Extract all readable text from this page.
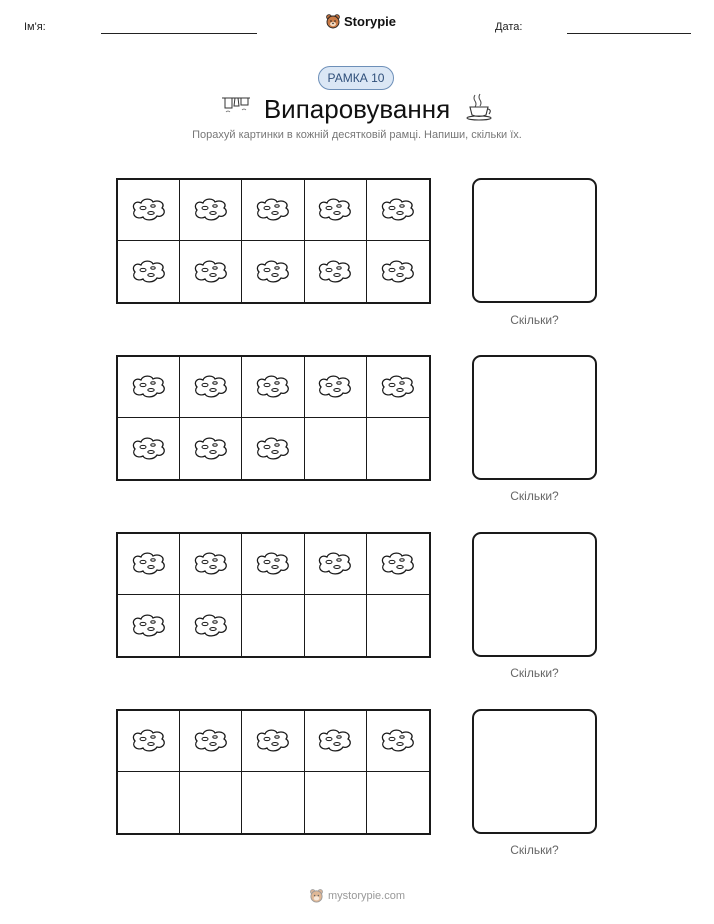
Ім'я:	Storypie	Дата:
РАМКА 10
Випаровування
Порахуй картинки в кожній десятковій рамці. Напиши, скільки їх.
Скільки?
Скільки?
Скільки?
Скільки?
mystorypie.com
